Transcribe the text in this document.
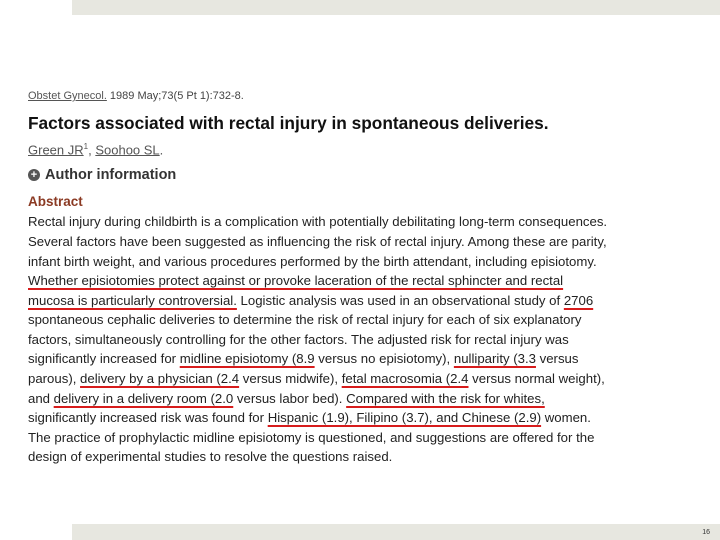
Obstet Gynecol. 1989 May;73(5 Pt 1):732-8.
Factors associated with rectal injury in spontaneous deliveries.
Green $JR^1$, Soohoo SL.
+ Author information
Abstract
Rectal injury during childbirth is a complication with potentially debilitating long-term consequences.
Several factors have been suggested as influencing the risk of rectal injury. Among these are parity,
infant birth weight, and various procedures performed by the birth attendant, including episiotomy.
Whether episiotomies protect against or provoke laceration of the rectal sphincter and rectal
mucosa is particularly controversial. Logistic analysis was used in an observational study of 2706
spontaneous cephalic deliveries to determine the risk of rectal injury for each of six explanatory
factors, simultaneously controlling for the other factors. The adjusted risk for rectal injury was
significantly increased for midline episiotomy (8.9 versus no episiotomy), nulliparity (3.3 versus
parous), delivery by a physician (2.4 versus midwife), fetal macrosomia (2.4 versus normal weight),
and delivery in a delivery room (2.0 versus labor bed). Compared with the risk for whites,
significantly increased risk was found for Hispanic (1.9), Filipino (3.7), and Chinese (2.9) women.
The practice of prophylactic midline episiotomy is questioned, and suggestions are offered for the
design of experimental studies to resolve the questions raised.
16
